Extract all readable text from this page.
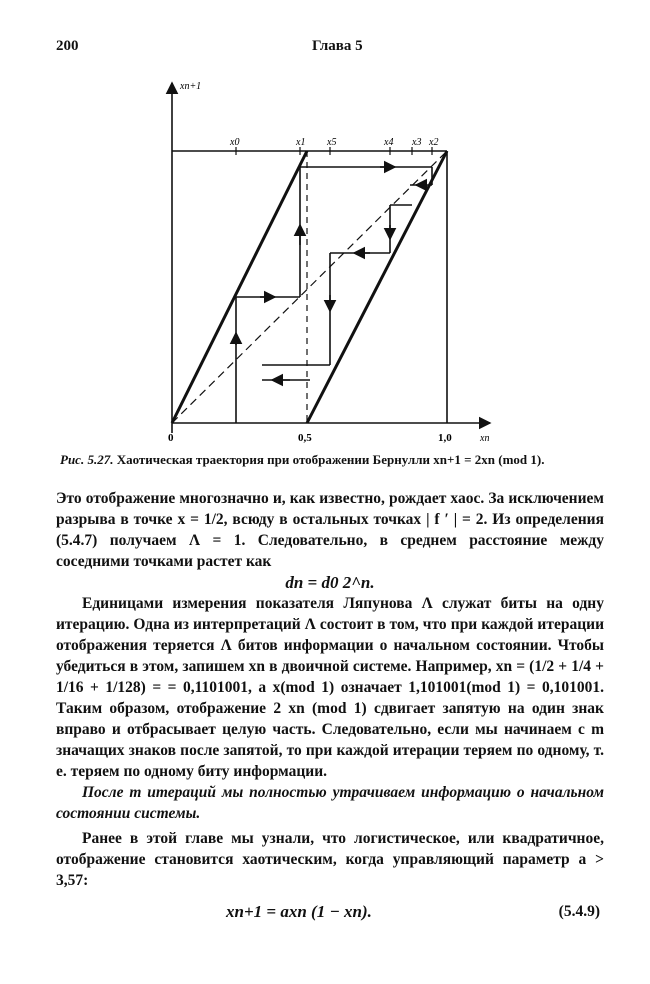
200	Глава 5
xn+1
xn
0	0,5	1,0
x0	x1 x5	x4 x3 x2
Рис. 5.27. Хаотическая траектория при отображении Бернулли xn+1 = 2xn (mod 1).

Это отображение многозначно и, как известно, рождает хаос. За исключением разрыва в точке x = 1/2, всюду в остальных точках | f ′ | = 2. Из определения (5.4.7) получаем Λ = 1. Следовательно, в среднем расстояние между соседними точками растет как

dn = d0 2^n.

Единицами измерения показателя Ляпунова Λ служат биты на одну итерацию. Одна из интерпретаций Λ состоит в том, что при каждой итерации отображения теряется Λ битов информации о начальном состоянии. Чтобы убедиться в этом, запишем xn в двоичной системе. Например, xn = (1/2 + 1/4 + 1/16 + 1/128) = = 0,1101001, а x(mod 1) означает 1,101001(mod 1) = 0,101001. Таким образом, отображение 2 xn (mod 1) сдвигает запятую на один знак вправо и отбрасывает целую часть. Следовательно, если мы начинаем с m значащих знаков после запятой, то при каждой итерации теряем по одному, т. е. теряем по одному биту информации.

После m итераций мы полностью утрачиваем информацию о начальном состоянии системы.

Ранее в этой главе мы узнали, что логистическое, или квадратичное, отображение становится хаотическим, когда управляющий параметр a > 3,57:

xn+1 = axn (1 − xn).	(5.4.9)
